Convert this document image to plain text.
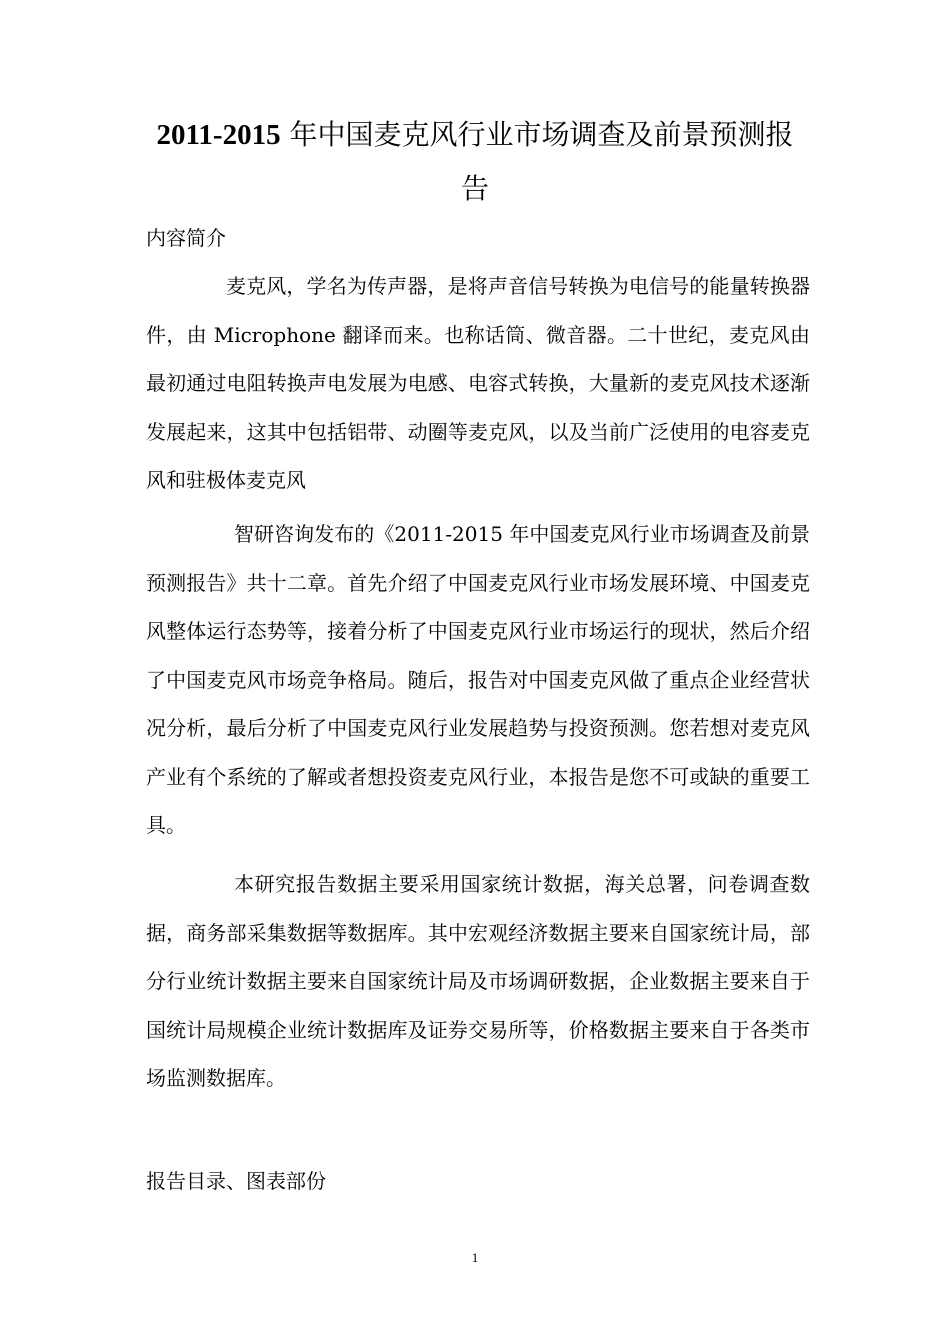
2011-2015 年中国麦克风行业市场调查及前景预测报
告
内容简介
麦克风，学名为传声器，是将声音信号转换为电信号的能量转换器件，由 Microphone 翻译而来。也称话筒、微音器。二十世纪，麦克风由最初通过电阻转换声电发展为电感、电容式转换，大量新的麦克风技术逐渐发展起来，这其中包括铝带、动圈等麦克风，以及当前广泛使用的电容麦克风和驻极体麦克风
智研咨询发布的《2011-2015 年中国麦克风行业市场调查及前景预测报告》共十二章。首先介绍了中国麦克风行业市场发展环境、中国麦克风整体运行态势等，接着分析了中国麦克风行业市场运行的现状，然后介绍了中国麦克风市场竞争格局。随后，报告对中国麦克风做了重点企业经营状况分析，最后分析了中国麦克风行业发展趋势与投资预测。您若想对麦克风产业有个系统的了解或者想投资麦克风行业，本报告是您不可或缺的重要工具。
本研究报告数据主要采用国家统计数据，海关总署，问卷调查数据，商务部采集数据等数据库。其中宏观经济数据主要来自国家统计局，部分行业统计数据主要来自国家统计局及市场调研数据，企业数据主要来自于国统计局规模企业统计数据库及证券交易所等，价格数据主要来自于各类市场监测数据库。
报告目录、图表部份
1
